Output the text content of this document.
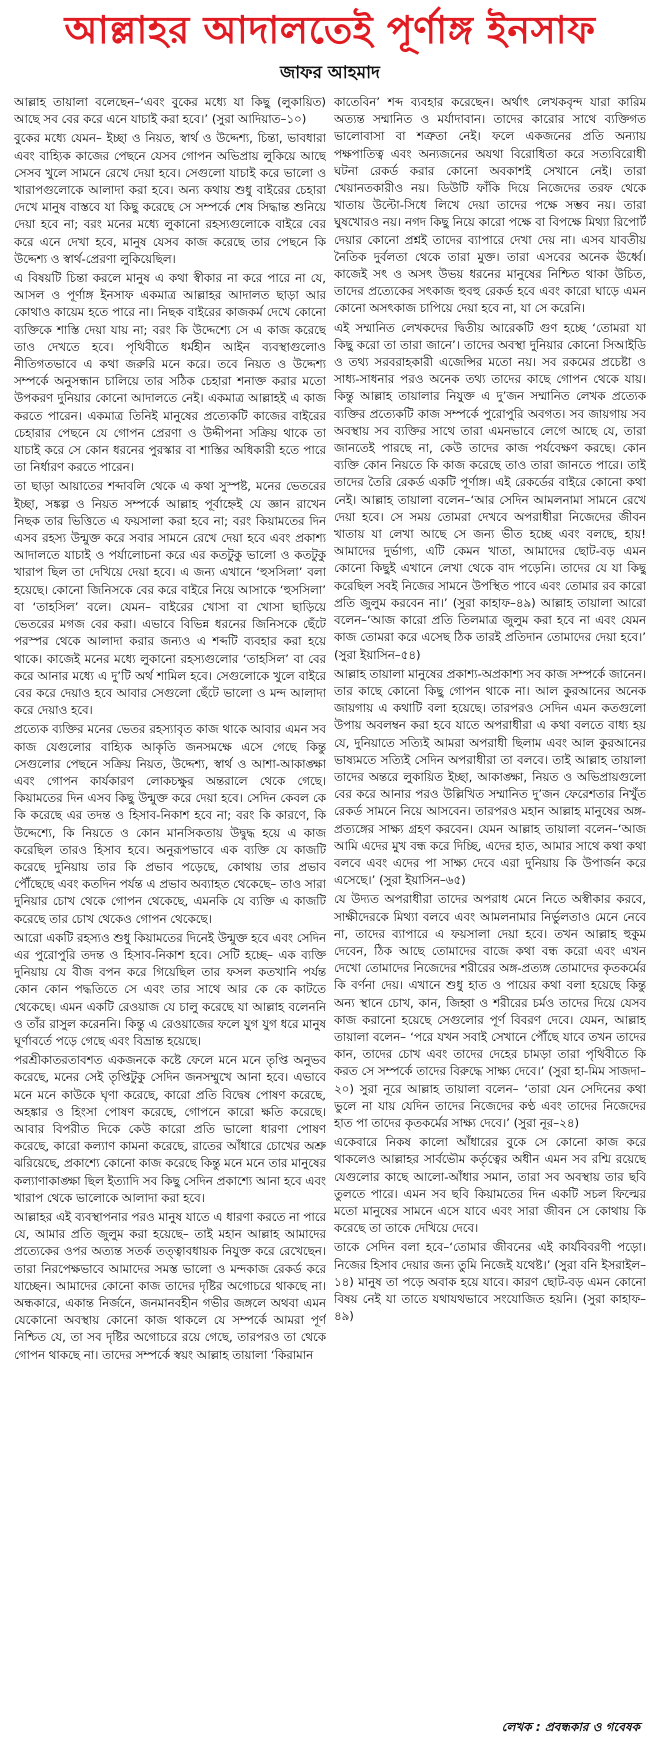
আল্লাহর আদালতেই পূর্ণাঙ্গ ইনসাফ
জাফর আহমাদ

আল্লাহ তায়ালা বলেছেন–‘এবং বুকের মধ্যে যা কিছু (লুকায়িত) আছে সব বের করে এনে যাচাই করা হবে।’ (সুরা আদিয়াত–১০)

বুকের মধ্যে যেমন– ইচ্ছা ও নিয়ত, স্বার্থ ও উদ্দেশ্য, চিন্তা, ভাবধারা এবং বাহ্যিক কাজের পেছনে যেসব গোপন অভিপ্রায় লুকিয়ে আছে সেসব খুলে সামনে রেখে দেয়া হবে। সেগুলো যাচাই করে ভালো ও খারাপগুলোকে আলাদা করা হবে। অন্য কথায় শুধু বাইরের চেহারা দেখে মানুষ বাস্তবে যা কিছু করেছে সে সম্পর্কে শেষ সিদ্ধান্ত শুনিয়ে দেয়া হবে না; বরং মনের মধ্যে লুকানো রহস্যগুলোকে বাইরে বের করে এনে দেখা হবে, মানুষ যেসব কাজ করেছে তার পেছনে কি উদ্দেশ্য ও স্বার্থ-প্রেরণা লুকিয়েছিল।

এ বিষয়টি চিন্তা করলে মানুষ এ কথা স্বীকার না করে পারে না যে, আসল ও পূর্ণাঙ্গ ইনসাফ একমাত্র আল্লাহর আদালত ছাড়া আর কোথাও কায়েম হতে পারে না। নিছক বাইরের কাজকর্ম দেখে কোনো ব্যক্তিকে শাস্তি দেয়া যায় না; বরং কি উদ্দেশ্যে সে এ কাজ করেছে তাও দেখতে হবে। পৃথিবীতে ধর্মহীন আইন ব্যবস্থাগুলোও নীতিগতভাবে এ কথা জরুরি মনে করে। তবে নিয়ত ও উদ্দেশ্য সম্পর্কে অনুসন্ধান চালিয়ে তার সঠিক চেহারা শনাক্ত করার মতো উপকরণ দুনিয়ার কোনো আদালতে নেই। একমাত্র আল্লাহই এ কাজ করতে পারেন। একমাত্র তিনিই মানুষের প্রত্যেকটি কাজের বাইরের চেহারার পেছনে যে গোপন প্রেরণা ও উদ্দীপনা সক্রিয় থাকে তা যাচাই করে সে কোন ধরনের পুরস্কার বা শাস্তির অধিকারী হতে পারে তা নির্ধারণ করতে পারেন।

তা ছাড়া আয়াতের শব্দাবলি থেকে এ কথা সুস্পষ্ট, মনের ভেতরের ইচ্ছা, সঙ্কল্প ও নিয়ত সম্পর্কে আল্লাহ পূর্বাহ্নেই যে জ্ঞান রাখেন নিছক তার ভিত্তিতে এ ফয়সালা করা হবে না; বরং কিয়ামতের দিন এসব রহস্য উন্মুক্ত করে সবার সামনে রেখে দেয়া হবে এবং প্রকাশ্য আদালতে যাচাই ও পর্যালোচনা করে এর কতটুকু ভালো ও কতটুকু খারাপ ছিল তা দেখিয়ে দেয়া হবে। এ জন্য এখানে ‘হুসসিলা’ বলা হয়েছে। কোনো জিনিসকে বের করে বাইরে নিয়ে আসাকে ‘হুসসিলা’ বা ‘তাহসিল’ বলে। যেমন– বাইরের খোসা বা খোসা ছাড়িয়ে ভেতরের মগজ বের করা। এভাবে বিভিন্ন ধরনের জিনিসকে ছেঁটে পরস্পর থেকে আলাদা করার জন্যও এ শব্দটি ব্যবহার করা হয়ে থাকে। কাজেই মনের মধ্যে লুকানো রহস্যগুলোর ‘তাহসিল’ বা বের করে আনার মধ্যে এ দু’টি অর্থ শামিল হবে। সেগুলোকে খুলে বাইরে বের করে দেয়াও হবে আবার সেগুলো ছেঁটে ভালো ও মন্দ আলাদা করে দেয়াও হবে।

প্রত্যেক ব্যক্তির মনের ভেতর রহস্যাবৃত কাজ থাকে আবার এমন সব কাজ যেগুলোর বাহ্যিক আকৃতি জনসমক্ষে এসে গেছে কিন্তু সেগুলোর পেছনে সক্রিয় নিয়ত, উদ্দেশ্য, স্বার্থ ও আশা-আকাঙ্ক্ষা এবং গোপন কার্যকারণ লোকচক্ষুর অন্তরালে থেকে গেছে। কিয়ামতের দিন এসব কিছু উন্মুক্ত করে দেয়া হবে। সেদিন কেবল কে কি করেছে এর তদন্ত ও হিসাব-নিকাশ হবে না; বরং কি কারণে, কি উদ্দেশ্যে, কি নিয়তে ও কোন মানসিকতায় উদ্বুদ্ধ হয়ে এ কাজ করেছিল তারও হিসাব হবে। অনুরূপভাবে এক ব্যক্তি যে কাজটি করেছে দুনিয়ায় তার কি প্রভাব পড়েছে, কোথায় তার প্রভাব পৌঁছেছে এবং কতদিন পর্যন্ত এ প্রভাব অব্যাহত থেকেছে– তাও সারা দুনিয়ার চোখ থেকে গোপন থেকেছে, এমনকি যে ব্যক্তি এ কাজটি করেছে তার চোখ থেকেও গোপন থেকেছে।

আরো একটি রহস্যও শুধু কিয়ামতের দিনেই উন্মুক্ত হবে এবং সেদিন এর পুরোপুরি তদন্ত ও হিসাব-নিকাশ হবে। সেটি হচ্ছে– এক ব্যক্তি দুনিয়ায় যে বীজ বপন করে গিয়েছিল তার ফসল কতখানি পর্যন্ত কোন কোন পদ্ধতিতে সে এবং তার সাথে আর কে কে কাটতে থেকেছে। এমন একটি রেওয়াজ যে চালু করেছে যা আল্লাহ বলেননি ও তাঁর রাসুল করেননি। কিন্তু এ রেওয়াজের ফলে যুগ যুগ ধরে মানুষ ঘূর্ণাবর্তে পড়ে গেছে এবং বিভ্রান্ত হয়েছে।

পরশ্রীকাতরতাবশত একজনকে কষ্টে ফেলে মনে মনে তৃপ্তি অনুভব করেছে, মনের সেই তৃপ্তিটুকু সেদিন জনসম্মুখে আনা হবে। এভাবে মনে মনে কাউকে ঘৃণা করেছে, কারো প্রতি বিদ্বেষ পোষণ করেছে, অহঙ্কার ও হিংসা পোষণ করেছে, গোপনে কারো ক্ষতি করেছে। আবার বিপরীত দিকে কেউ কারো প্রতি ভালো ধারণা পোষণ করেছে, কারো কল্যাণ কামনা করেছে, রাতের আঁধারে চোখের অশ্রু ঝরিয়েছে, প্রকাশ্যে কোনো কাজ করেছে কিন্তু মনে মনে তার মানুষের কল্যাণাকাঙ্ক্ষা ছিল ইত্যাদি সব কিছু সেদিন প্রকাশ্যে আনা হবে এবং খারাপ থেকে ভালোকে আলাদা করা হবে।

আল্লাহর এই ব্যবস্থাপনার পরও মানুষ যাতে এ ধারণা করতে না পারে যে, আমার প্রতি জুলুম করা হয়েছে– তাই মহান আল্লাহ আমাদের প্রত্যেকের ওপর অত্যন্ত সতর্ক তত্ত্বাবধায়ক নিযুক্ত করে রেখেছেন। তারা নিরপেক্ষভাবে আমাদের সমস্ত ভালো ও মন্দকাজ রেকর্ড করে যাচ্ছেন। আমাদের কোনো কাজ তাদের দৃষ্টির অগোচরে থাকছে না। অন্ধকারে, একান্ত নির্জনে, জনমানবহীন গভীর জঙ্গলে অথবা এমন যেকোনো অবস্থায় কোনো কাজ থাকলে যে সম্পর্কে আমরা পূর্ণ নিশ্চিত যে, তা সব দৃষ্টির অগোচরে রয়ে গেছে, তারপরও তা থেকে গোপন থাকছে না। তাদের সম্পর্কে স্বয়ং আল্লাহ তায়ালা ‘কিরামান

কাতেবিন’ শব্দ ব্যবহার করেছেন। অর্থাৎ লেখকবৃন্দ যারা কারিম অত্যন্ত সম্মানিত ও মর্যাদাবান। তাদের কারোর সাথে ব্যক্তিগত ভালোবাসা বা শত্রুতা নেই। ফলে একজনের প্রতি অন্যায় পক্ষপাতিত্ব এবং অন্যজনের অযথা বিরোধিতা করে সত্যবিরোধী ঘটনা রেকর্ড করার কোনো অবকাশই সেখানে নেই। তারা খেয়ানতকারীও নয়। ডিউটি ফাঁকি দিয়ে নিজেদের তরফ থেকে খাতায় উল্টো-সিধে লিখে দেয়া তাদের পক্ষে সম্ভব নয়। তারা ঘুষখোরও নয়। নগদ কিছু নিয়ে কারো পক্ষে বা বিপক্ষে মিথ্যা রিপোর্ট দেয়ার কোনো প্রশ্নই তাদের ব্যাপারে দেখা দেয় না। এসব যাবতীয় নৈতিক দুর্বলতা থেকে তারা মুক্ত। তারা এসবের অনেক ঊর্ধ্বে। কাজেই সৎ ও অসৎ উভয় ধরনের মানুষের নিশ্চিত থাকা উচিত, তাদের প্রত্যেকের সৎকাজ হুবহু রেকর্ড হবে এবং কারো ঘাড়ে এমন কোনো অসৎকাজ চাপিয়ে দেয়া হবে না, যা সে করেনি।

এই সম্মানিত লেখকদের দ্বিতীয় আরেকটি গুণ হচ্ছে ‘তোমরা যা কিছু করো তা তারা জানে’। তাদের অবস্থা দুনিয়ার কোনো সিআইডি ও তথ্য সরবরাহকারী এজেন্সির মতো নয়। সব রকমের প্রচেষ্টা ও সাধ্য-সাধনার পরও অনেক তথ্য তাদের কাছে গোপন থেকে যায়। কিন্তু আল্লাহ তায়ালার নিযুক্ত এ দু’জন সম্মানিত লেখক প্রত্যেক ব্যক্তির প্রত্যেকটি কাজ সম্পর্কে পুরোপুরি অবগত। সব জায়গায় সব অবস্থায় সব ব্যক্তির সাথে তারা এমনভাবে লেগে আছে যে, তারা জানতেই পারছে না, কেউ তাদের কাজ পর্যবেক্ষণ করছে। কোন ব্যক্তি কোন নিয়তে কি কাজ করেছে তাও তারা জানতে পারে। তাই তাদের তৈরি রেকর্ড একটি পূর্ণাঙ্গ। এই রেকর্ডের বাইরে কোনো কথা নেই। আল্লাহ তায়ালা বলেন–‘আর সেদিন আমলনামা সামনে রেখে দেয়া হবে। সে সময় তোমরা দেখবে অপরাধীরা নিজেদের জীবন খাতায় যা লেখা আছে সে জন্য ভীত হচ্ছে এবং বলছে, হায়! আমাদের দুর্ভাগ্য, এটি কেমন খাতা, আমাদের ছোট-বড় এমন কোনো কিছুই এখানে লেখা থেকে বাদ পড়েনি। তাদের যে যা কিছু করেছিল সবই নিজের সামনে উপস্থিত পাবে এবং তোমার রব কারো প্রতি জুলুম করবেন না।’ (সুরা কাহাফ–৪৯) আল্লাহ তায়ালা আরো বলেন–‘আজ কারো প্রতি তিলমাত্র জুলুম করা হবে না এবং যেমন কাজ তোমরা করে এসেছ ঠিক তারই প্রতিদান তোমাদের দেয়া হবে।’ (সুরা ইয়াসিন–৫৪)

আল্লাহ তায়ালা মানুষের প্রকাশ্য-অপ্রকাশ্য সব কাজ সম্পর্কে জানেন। তার কাছে কোনো কিছু গোপন থাকে না। আল কুরআনের অনেক জায়গায় এ কথাটি বলা হয়েছে। তারপরও সেদিন এমন কতগুলো উপায় অবলম্বন করা হবে যাতে অপরাধীরা এ কথা বলতে বাধ্য হয় যে, দুনিয়াতে সত্যিই আমরা অপরাধী ছিলাম এবং আল কুরআনের ভাষ্যমতে সত্যিই সেদিন অপরাধীরা তা বলবে। তাই আল্লাহ তায়ালা তাদের অন্তরে লুকায়িত ইচ্ছা, আকাঙ্ক্ষা, নিয়ত ও অভিপ্রায়গুলো বের করে আনার পরও উল্লিখিত সম্মানিত দু’জন ফেরেশতার নিখুঁত রেকর্ড সামনে নিয়ে আসবেন। তারপরও মহান আল্লাহ মানুষের অঙ্গ-প্রত্যঙ্গের সাক্ষ্য গ্রহণ করবেন। যেমন আল্লাহ তায়ালা বলেন–‘আজ আমি এদের মুখ বন্ধ করে দিচ্ছি, এদের হাত, আমার সাথে কথা কথা বলবে এবং এদের পা সাক্ষ্য দেবে এরা দুনিয়ায় কি উপার্জন করে এসেছে।’ (সুরা ইয়াসিন–৬৫)

যে উদ্যত অপরাধীরা তাদের অপরাধ মেনে নিতে অস্বীকার করবে, সাক্ষীদেরকে মিথ্যা বলবে এবং আমলনামার নির্ভুলতাও মেনে নেবে না, তাদের ব্যাপারে এ ফয়সালা দেয়া হবে। তখন আল্লাহ হুকুম দেবেন, ঠিক আছে তোমাদের বাজে কথা বন্ধ করো এবং এখন দেখো তোমাদের নিজেদের শরীরের অঙ্গ-প্রত্যঙ্গ তোমাদের কৃতকর্মের কি বর্ণনা দেয়। এখানে শুধু হাত ও পায়ের কথা বলা হয়েছে কিন্তু অন্য স্থানে চোখ, কান, জিহ্বা ও শরীরের চর্মও তাদের দিয়ে যেসব কাজ করানো হয়েছে সেগুলোর পূর্ণ বিবরণ দেবে। যেমন, আল্লাহ তায়ালা বলেন– ‘পরে যখন সবাই সেখানে পৌঁছে যাবে তখন তাদের কান, তাদের চোখ এবং তাদের দেহের চামড়া তারা পৃথিবীতে কি করত সে সম্পর্কে তাদের বিরুদ্ধে সাক্ষ্য দেবে।’ (সুরা হা-মিম সাজদা–২০) সুরা নূরে আল্লাহ তায়ালা বলেন– ‘তারা যেন সেদিনের কথা ভুলে না যায় যেদিন তাদের নিজেদের কণ্ঠ এবং তাদের নিজেদের হাত পা তাদের কৃতকর্মের সাক্ষ্য দেবে।’ (সুরা নূর–২৪)

একেবারে নিকষ কালো আঁধারের বুকে সে কোনো কাজ করে থাকলেও আল্লাহর সার্বভৌম কর্তৃত্বের অধীন এমন সব রশ্মি রয়েছে যেগুলোর কাছে আলো-আঁধার সমান, তারা সব অবস্থায় তার ছবি তুলতে পারে। এমন সব ছবি কিয়ামতের দিন একটি সচল ফিল্মের মতো মানুষের সামনে এসে যাবে এবং সারা জীবন সে কোথায় কি করেছে তা তাকে দেখিয়ে দেবে।

তাকে সেদিন বলা হবে–‘তোমার জীবনের এই কার্যবিবরণী পড়ো। নিজের হিসাব দেয়ার জন্য তুমি নিজেই যথেষ্ট।’ (সুরা বনি ইসরাইল–১৪) মানুষ তা পড়ে অবাক হয়ে যাবে। কারণ ছোট-বড় এমন কোনো বিষয় নেই যা তাতে যথাযথভাবে সংযোজিত হয়নি। (সুরা কাহাফ–৪৯)

লেখক : প্রবন্ধকার ও গবেষক
